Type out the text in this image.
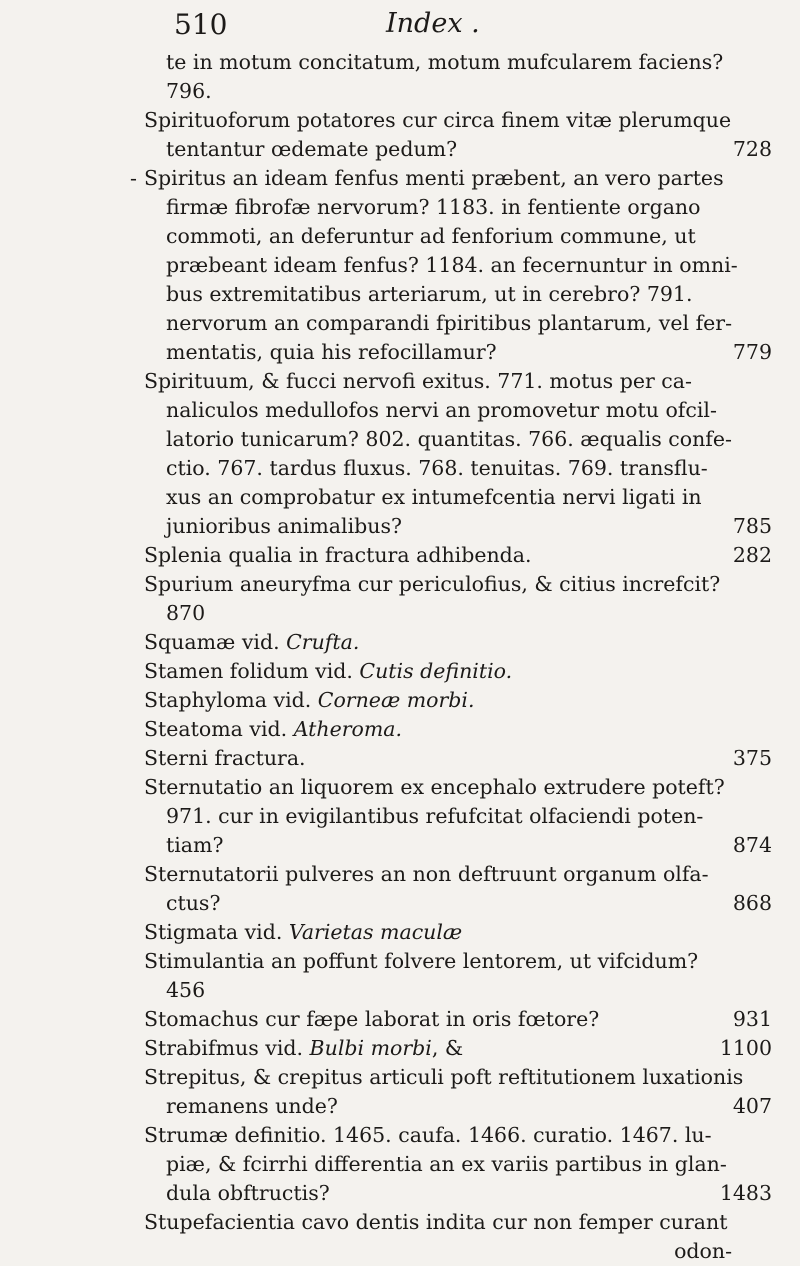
510	Index .
te in motum concitatum, motum mufcularem faciens?
796.
Spirituoforum potatores cur circa finem vitæ plerumque
tentantur œdemate pedum?	728
- Spiritus an ideam fenfus menti præbent, an vero partes
firmæ fibrofæ nervorum? 1183. in fentiente organo
commoti, an deferuntur ad fenforium commune, ut
præbeant ideam fenfus? 1184. an fecernuntur in omni-
bus extremitatibus arteriarum, ut in cerebro? 791.
nervorum an comparandi fpiritibus plantarum, vel fer-
mentatis, quia his refocillamur?	779
Spirituum, & fucci nervofi exitus. 771. motus per ca-
naliculos medullofos nervi an promovetur motu ofcil-
latorio tunicarum? 802. quantitas. 766. æqualis confe-
ctio. 767. tardus fluxus. 768. tenuitas. 769. transflu-
xus an comprobatur ex intumefcentia nervi ligati in
junioribus animalibus?	785
Splenia qualia in fractura adhibenda.	282
Spurium aneuryfma cur periculofius, & citius increfcit?
870
Squamæ vid. Crufta.
Stamen folidum vid. Cutis definitio.
Staphyloma vid. Corneæ morbi.
Steatoma vid. Atheroma.
Sterni fractura.	375
Sternutatio an liquorem ex encephalo extrudere poteft?
971. cur in evigilantibus refufcitat olfaciendi poten-
tiam?	874
Sternutatorii pulveres an non deftruunt organum olfa-
ctus?	868
Stigmata vid. Varietas maculæ
Stimulantia an poffunt folvere lentorem, ut vifcidum?
456
Stomachus cur fæpe laborat in oris fœtore?	931
Strabifmus vid. Bulbi morbi, &	1100
Strepitus, & crepitus articuli poft reftitutionem luxationis
remanens unde?	407
Strumæ definitio. 1465. caufa. 1466. curatio. 1467. lu-
piæ, & fcirrhi differentia an ex variis partibus in glan-
dula obftructis?	1483
Stupefacientia cavo dentis indita cur non femper curant
odon-
